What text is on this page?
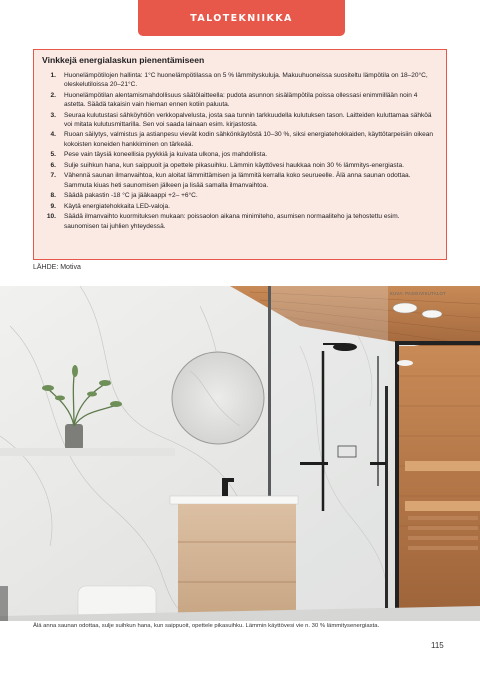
TALOTEKNIIKKA
Vinkkejä energialaskun pienentämiseen
1. Huonelämpötilojen hallinta: 1°C huonelämpötilassa on 5 % lämmityskuluja. Makuuhuoneissa suositeltu lämpötila on 18–20°C, oleskelutiloissa 20–21°C.
2. Huonelämpötilan alentamismahdollisuus säätölaitteella: pudota asunnon sisälämpötila poissa ollessasi enimmillään noin 4 astetta. Säädä takaisin vain hieman ennen kotiin paluuta.
3. Seuraa kulutustasi sähköyhtiön verkkopalvelusta, josta saa tunnin tarkkuudella kulutuksen tason. Laitteiden kuluttamaa sähköä voi mitata kulutusmittarilla. Sen voi saada lainaan esim. kirjastosta.
4. Ruoan säilytys, valmistus ja astianpesu vievät kodin sähkönkäytöstä 10–30 %, siksi energiatehokkaiden, käyttötarpeisiin oikean kokoisten koneiden hankkiminen on tärkeää.
5. Pese vain täysiä koneellisia pyykkiä ja kuivata ulkona, jos mahdollista.
6. Sulje suihkun hana, kun saippuoit ja opettele pikasuihku. Lämmin käyttövesi haukkaa noin 30 % lämmitys-energiasta.
7. Vähennä saunan ilmanvaihtoa, kun aloitat lämmittämisen ja lämmitä kerralla koko seurueelle. Älä anna saunan odottaa. Sammuta kiuas heti saunomisen jälkeen ja lisää samalla ilmanvaihtoa.
8. Säädä pakastin -18 °C ja jääkaappi +2– +6°C.
9. Käytä energiatehokkaita LED-valoja.
10. Säädä ilmanvaihto kuormituksen mukaan: poissaolon aikana minimiteho, asumisen normaaliteho ja tehostettu esim. saunomisen tai juhlien yhteydessä.
LÄHDE: Motiva
KUVA: PASSIIVIKUTALOT
Älä anna saunan odottaa, sulje suihkun hana, kun saippuoit, opettele pikasuihku. Lämmin käyttövesi vie n. 30 % lämmitysenergiasta.
115
